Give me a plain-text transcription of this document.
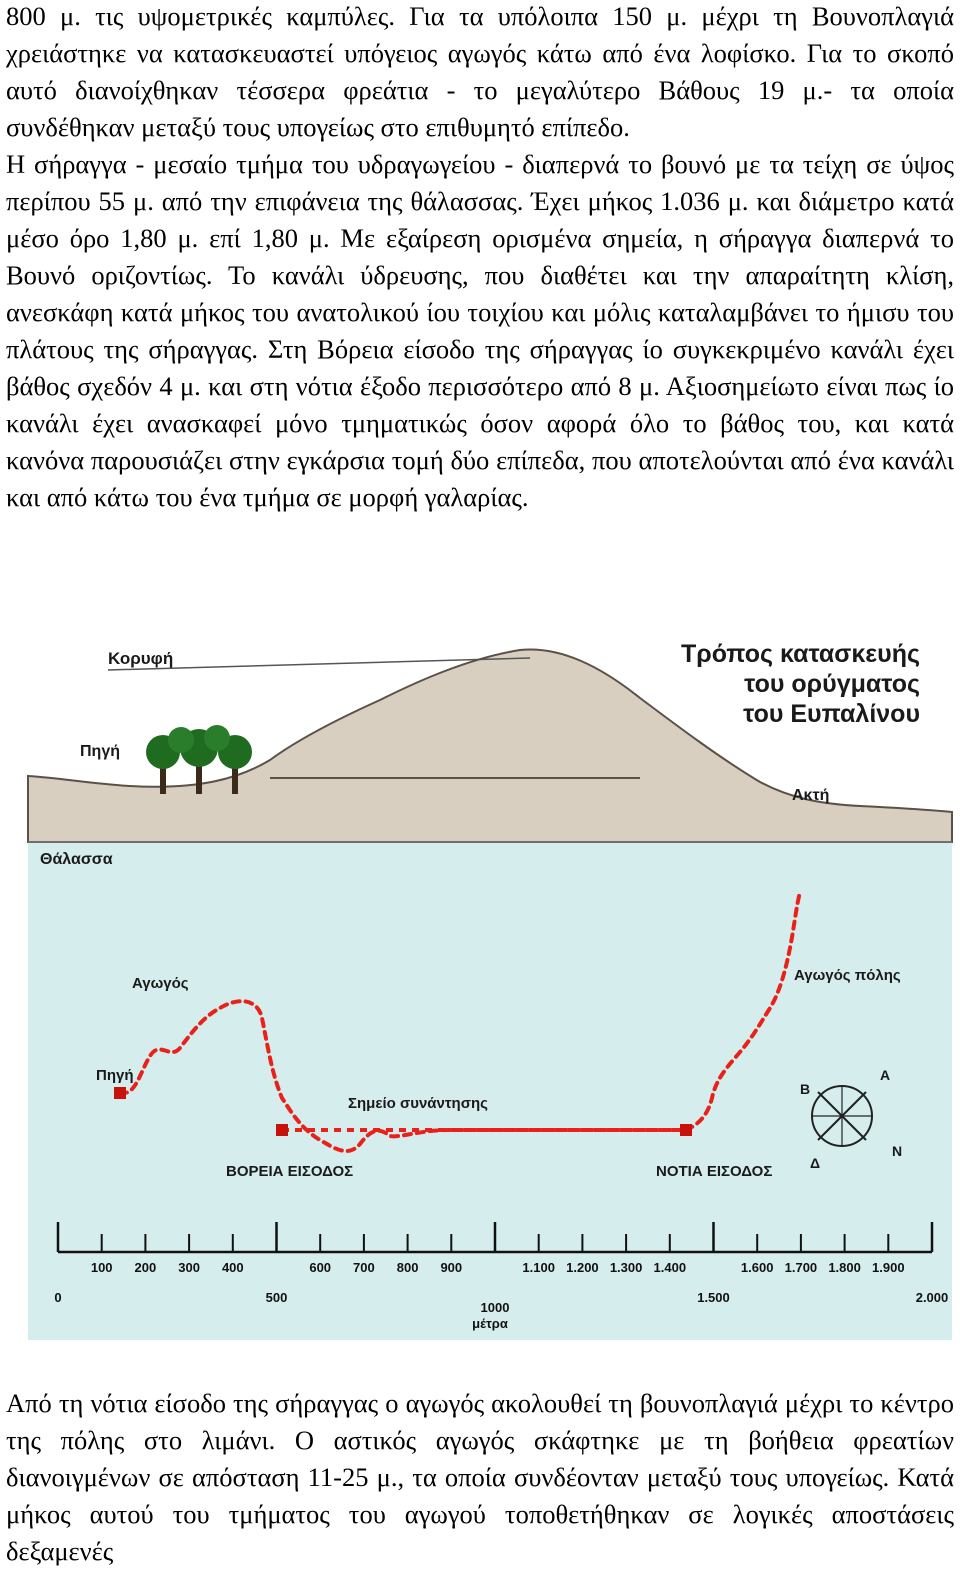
800 μ. τις υψομετρικές καμπύλες. Για τα υπόλοιπα 150 μ. μέχρι τη Βουνοπλαγιά χρειάστηκε να κατασκευαστεί υπόγειος αγωγός κάτω από ένα λοφίσκο. Για το σκοπό αυτό διανοίχθηκαν τέσσερα φρεάτια - το μεγαλύτερο Βάθους 19 μ.- τα οποία συνδέθηκαν μεταξύ τους υπογείως στο επιθυμητό επίπεδο.
Η σήραγγα - μεσαίο τμήμα του υδραγωγείου - διαπερνά το βουνό με τα τείχη σε ύψος περίπου 55 μ. από την επιφάνεια της θάλασσας. Έχει μήκος 1.036 μ. και διάμετρο κατά μέσο όρο 1,80 μ. επί 1,80 μ. Με εξαίρεση ορισμένα σημεία, η σήραγγα διαπερνά το Βουνό οριζοντίως. Το κανάλι ύδρευσης, που διαθέτει και την απαραίτητη κλίση, ανεσκάφη κατά μήκος του ανατολικού ίου τοιχίου και μόλις καταλαμβάνει το ήμισυ του πλάτους της σήραγγας. Στη Βόρεια είσοδο της σήραγγας ίο συγκεκριμένο κανάλι έχει βάθος σχεδόν 4 μ. και στη νότια έξοδο περισσότερο από 8 μ. Αξιοσημείωτο είναι πως ίο κανάλι έχει ανασκαφεί μόνο τμηματικώς όσον αφορά όλο το βάθος του, και κατά κανόνα παρουσιάζει στην εγκάρσια τομή δύο επίπεδα, που αποτελούνται από ένα κανάλι και από κάτω του ένα τμήμα σε μορφή γαλαρίας.

Κορυφή
Πηγή
Ακτή
Θάλασσα
Τρόπος κατασκευής
του ορύγματος
του Ευπαλίνου
Αγωγός	Αγωγός πόλης
Πηγή
Σημείο συνάντησης
ΒΟΡΕΙΑ ΕΙΣΟΔΟΣ	ΝΟΤΙΑ ΕΙΣΟΔΟΣ
Β
Α
Ν
Δ
100 200 300 400	600 700 800 900	1.100 1.200 1.300 1.400	1.600 1.700 1.800 1.900
0	500
1000
1.500	2.000
μέτρα

Από τη νότια είσοδο της σήραγγας ο αγωγός ακολουθεί τη βουνοπλαγιά μέχρι το κέντρο της πόλης στο λιμάνι. Ο αστικός αγωγός σκάφτηκε με τη βοήθεια φρεατίων διανοιγμένων σε απόσταση 11-25 μ., τα οποία συνδέονταν μεταξύ τους υπογείως. Κατά μήκος αυτού του τμήματος του αγωγού τοποθετήθηκαν σε λογικές αποστάσεις δεξαμενές
